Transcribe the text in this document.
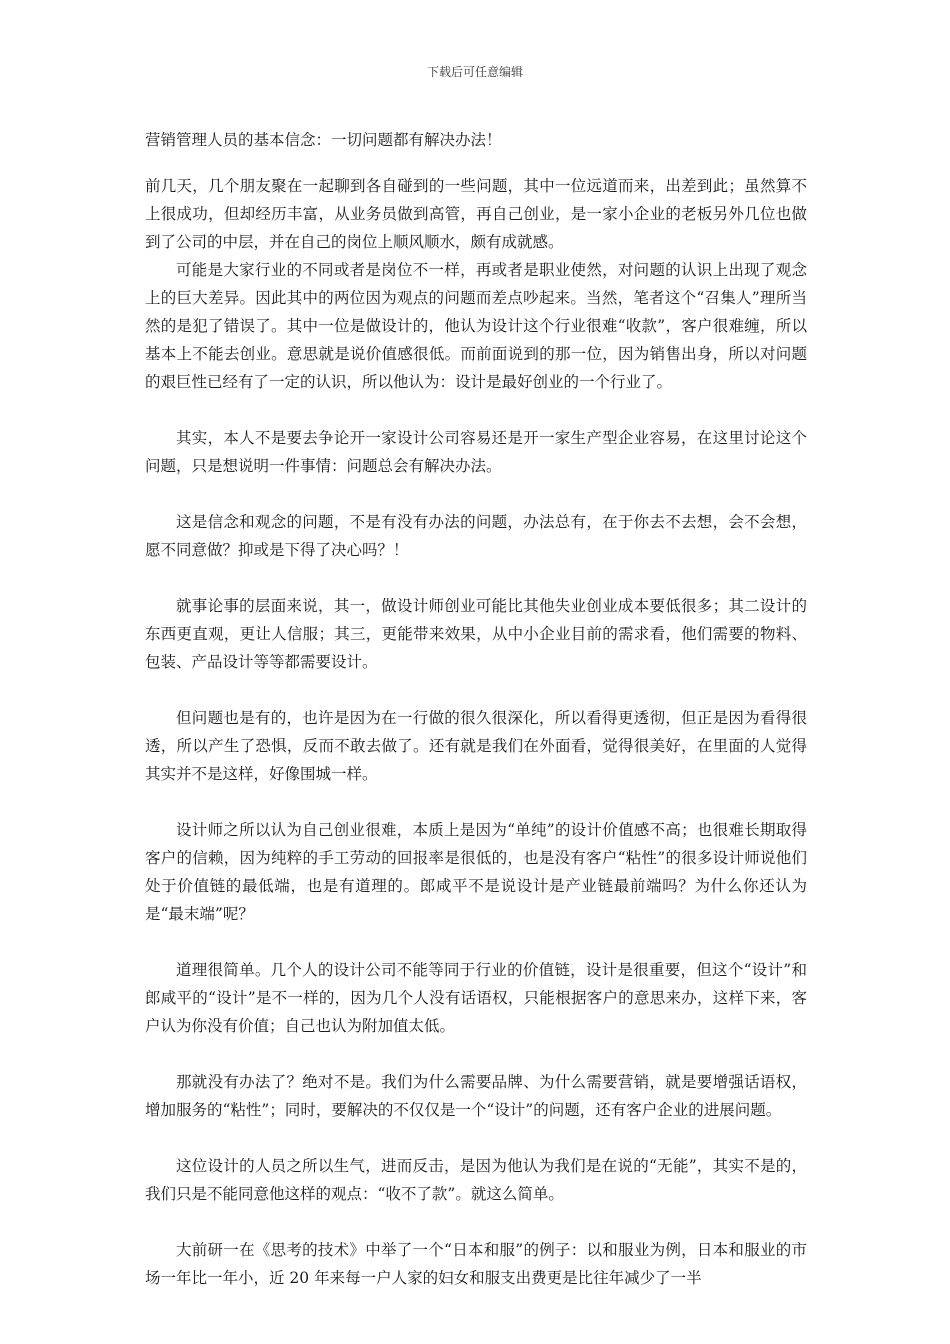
下载后可任意编辑
营销管理人员的基本信念：一切问题都有解决办法！

前几天，几个朋友聚在一起聊到各自碰到的一些问题，其中一位远道而来，出差到此；虽然算不上很成功，但却经历丰富，从业务员做到高管，再自己创业，是一家小企业的老板另外几位也做到了公司的中层，并在自己的岗位上顺风顺水，颇有成就感。

可能是大家行业的不同或者是岗位不一样，再或者是职业使然，对问题的认识上出现了观念上的巨大差异。因此其中的两位因为观点的问题而差点吵起来。当然，笔者这个“召集人”理所当然的是犯了错误了。其中一位是做设计的，他认为设计这个行业很难“收款”，客户很难缠，所以基本上不能去创业。意思就是说价值感很低。而前面说到的那一位，因为销售出身，所以对问题的艰巨性已经有了一定的认识，所以他认为：设计是最好创业的一个行业了。

其实，本人不是要去争论开一家设计公司容易还是开一家生产型企业容易，在这里讨论这个问题，只是想说明一件事情：问题总会有解决办法。

这是信念和观念的问题，不是有没有办法的问题，办法总有，在于你去不去想，会不会想，愿不同意做？抑或是下得了决心吗？！

就事论事的层面来说，其一，做设计师创业可能比其他失业创业成本要低很多；其二设计的东西更直观，更让人信服；其三，更能带来效果，从中小企业目前的需求看，他们需要的物料、包装、产品设计等等都需要设计。

但问题也是有的，也许是因为在一行做的很久很深化，所以看得更透彻，但正是因为看得很透，所以产生了恐惧，反而不敢去做了。还有就是我们在外面看，觉得很美好，在里面的人觉得其实并不是这样，好像围城一样。

设计师之所以认为自己创业很难，本质上是因为“单纯”的设计价值感不高；也很难长期取得客户的信赖，因为纯粹的手工劳动的回报率是很低的，也是没有客户“粘性”的很多设计师说他们处于价值链的最低端，也是有道理的。郎咸平不是说设计是产业链最前端吗？为什么你还认为是“最末端”呢？

道理很简单。几个人的设计公司不能等同于行业的价值链，设计是很重要，但这个“设计”和郎咸平的“设计”是不一样的，因为几个人没有话语权，只能根据客户的意思来办，这样下来，客户认为你没有价值；自己也认为附加值太低。

那就没有办法了？绝对不是。我们为什么需要品牌、为什么需要营销，就是要增强话语权，增加服务的“粘性”；同时，要解决的不仅仅是一个“设计”的问题，还有客户企业的进展问题。

这位设计的人员之所以生气，进而反击，是因为他认为我们是在说的“无能”，其实不是的，我们只是不能同意他这样的观点：“收不了款”。就这么简单。

大前研一在《思考的技术》中举了一个“日本和服”的例子：以和服业为例，日本和服业的市场一年比一年小，近 20 年来每一户人家的妇女和服支出费更是比往年减少了一半
